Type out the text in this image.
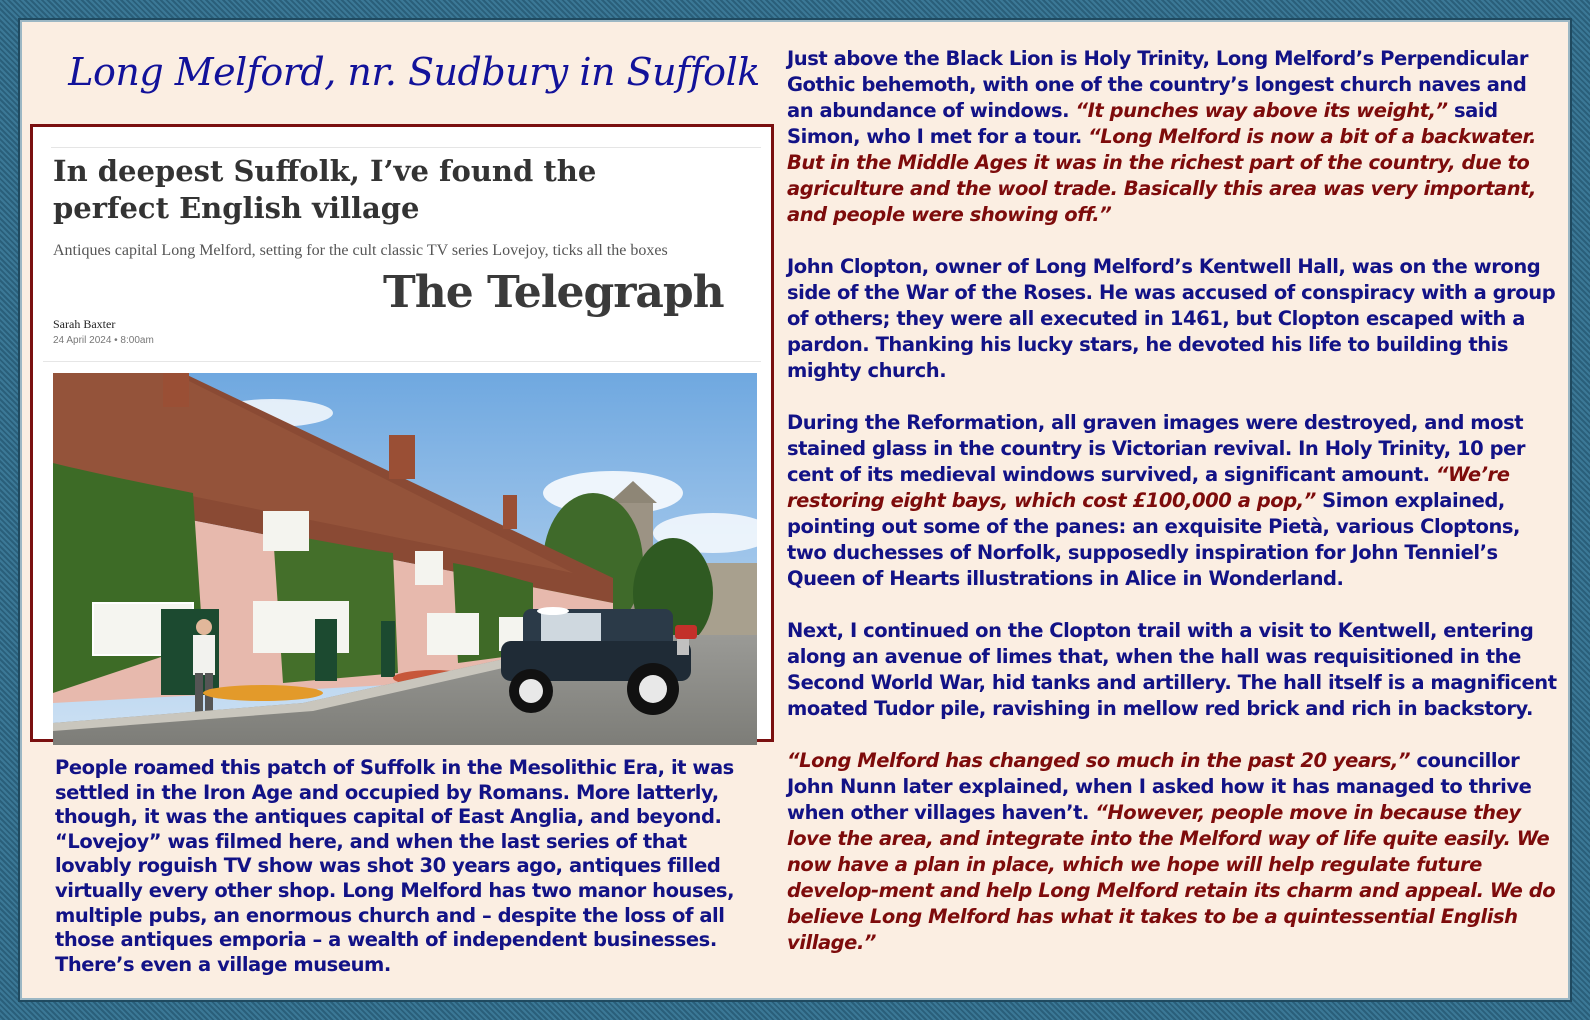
Long Melford, nr. Sudbury in Suffolk
In deepest Suffolk, I’ve found the perfect English village
Antiques capital Long Melford, setting for the cult classic TV series Lovejoy, ticks all the boxes
The Telegraph
Sarah Baxter
24 April 2024 • 8:00am

People roamed this patch of Suffolk in the Mesolithic Era, it was settled in the Iron Age and occupied by Romans. More latterly, though, it was the antiques capital of East Anglia, and beyond. “Lovejoy” was filmed here, and when the last series of that lovably roguish TV show was shot 30 years ago, antiques filled virtually every other shop. Long Melford has two manor houses, multiple pubs, an enormous church and – despite the loss of all those antiques emporia – a wealth of independent businesses. There’s even a village museum.

Just above the Black Lion is Holy Trinity, Long Melford’s Perpendicular Gothic behemoth, with one of the country’s longest church naves and an abundance of windows. “It punches way above its weight,” said Simon, who I met for a tour. “Long Melford is now a bit of a backwater. But in the Middle Ages it was in the richest part of the country, due to agriculture and the wool trade. Basically this area was very important, and people were showing off.”

John Clopton, owner of Long Melford’s Kentwell Hall, was on the wrong side of the War of the Roses. He was accused of conspiracy with a group of others; they were all executed in 1461, but Clopton escaped with a pardon. Thanking his lucky stars, he devoted his life to building this mighty church.

During the Reformation, all graven images were destroyed, and most stained glass in the country is Victorian revival. In Holy Trinity, 10 per cent of its medieval windows survived, a significant amount. “We’re restoring eight bays, which cost £100,000 a pop,” Simon explained, pointing out some of the panes: an exquisite Pietà, various Cloptons, two duchesses of Norfolk, supposedly inspiration for John Tenniel’s Queen of Hearts illustrations in Alice in Wonderland.

Next, I continued on the Clopton trail with a visit to Kentwell, entering along an avenue of limes that, when the hall was requisitioned in the Second World War, hid tanks and artillery. The hall itself is a magnificent moated Tudor pile, ravishing in mellow red brick and rich in backstory.

“Long Melford has changed so much in the past 20 years,” councillor John Nunn later explained, when I asked how it has managed to thrive when other villages haven’t. “However, people move in because they love the area, and integrate into the Melford way of life quite easily. We now have a plan in place, which we hope will help regulate future develop-ment and help Long Melford retain its charm and appeal. We do believe Long Melford has what it takes to be a quintessential English village.”
